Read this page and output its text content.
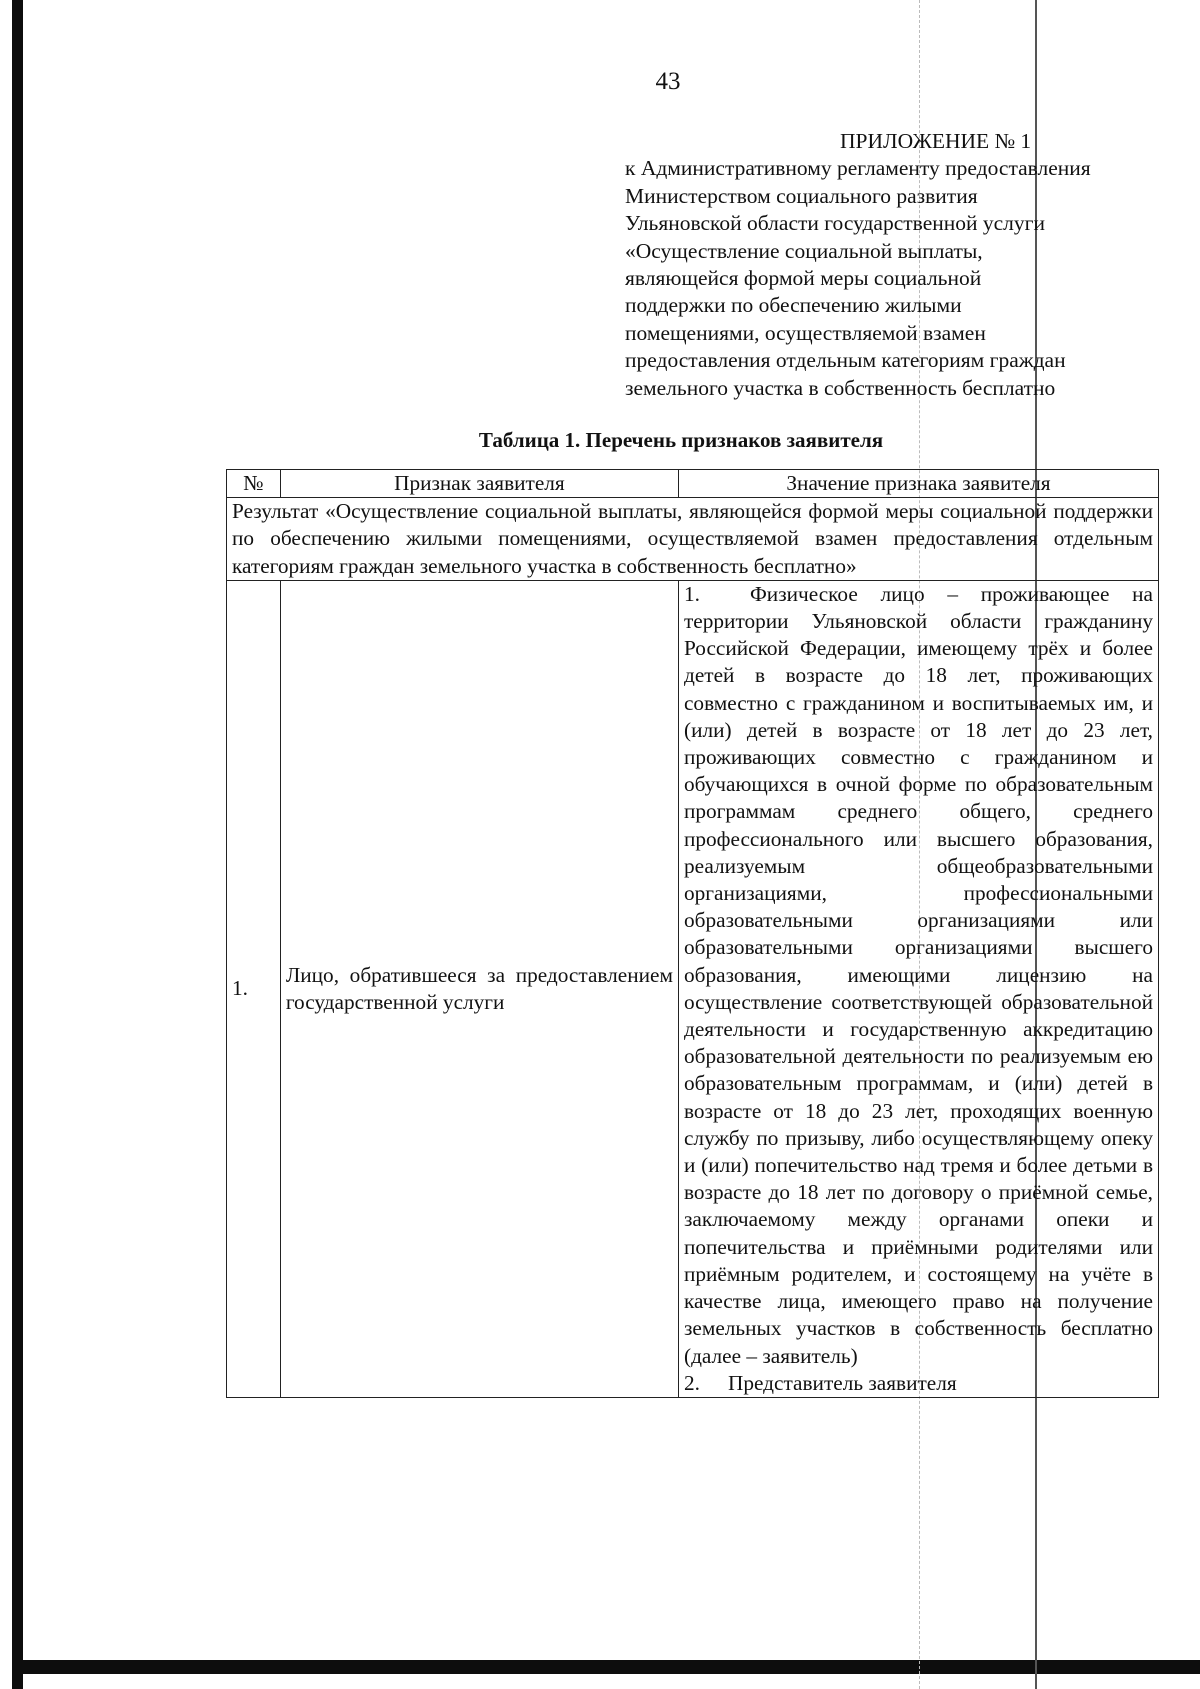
43
ПРИЛОЖЕНИЕ № 1
к Административному регламенту предоставления
Министерством социального развития
Ульяновской области государственной услуги
«Осуществление социальной выплаты,
являющейся формой меры социальной
поддержки по обеспечению жилыми
помещениями, осуществляемой взамен
предоставления отдельным категориям граждан
земельного участка в собственность бесплатно
Таблица 1. Перечень признаков заявителя
№	Признак заявителя	Значение признака заявителя
Результат «Осуществление социальной выплаты, являющейся формой меры социальной поддержки по обеспечению жилыми помещениями, осуществляемой взамен предоставления отдельным категориям граждан земельного участка в собственность бесплатно»		
1.	Лицо, обратившееся за предоставлением государственной услуги	1. Физическое лицо – проживающее на территории Ульяновской области гражданину Российской Федерации, имеющему трёх и более детей в возрасте до 18 лет, проживающих совместно с гражданином и воспитываемых им, и (или) детей в возрасте от 18 лет до 23 лет, проживающих совместно с гражданином и обучающихся в очной форме по образовательным программам среднего общего, среднего профессионального или высшего образования, реализуемым общеобразовательными организациями, профессиональными образовательными организациями или образовательными организациями высшего образования, имеющими лицензию на осуществление соответствующей образовательной деятельности и государственную аккредитацию образовательной деятельности по реализуемым ею образовательным программам, и (или) детей в возрасте от 18 до 23 лет, проходящих военную службу по призыву, либо осуществляющему опеку и (или) попечительство над тремя и более детьми в возрасте до 18 лет по договору о приёмной семье, заключаемому между органами опеки и попечительства и приёмными родителями или приёмным родителем, и состоящему на учёте в качестве лица, имеющего право на получение земельных участков в собственность бесплатно (далее – заявитель)
2. Представитель заявителя
